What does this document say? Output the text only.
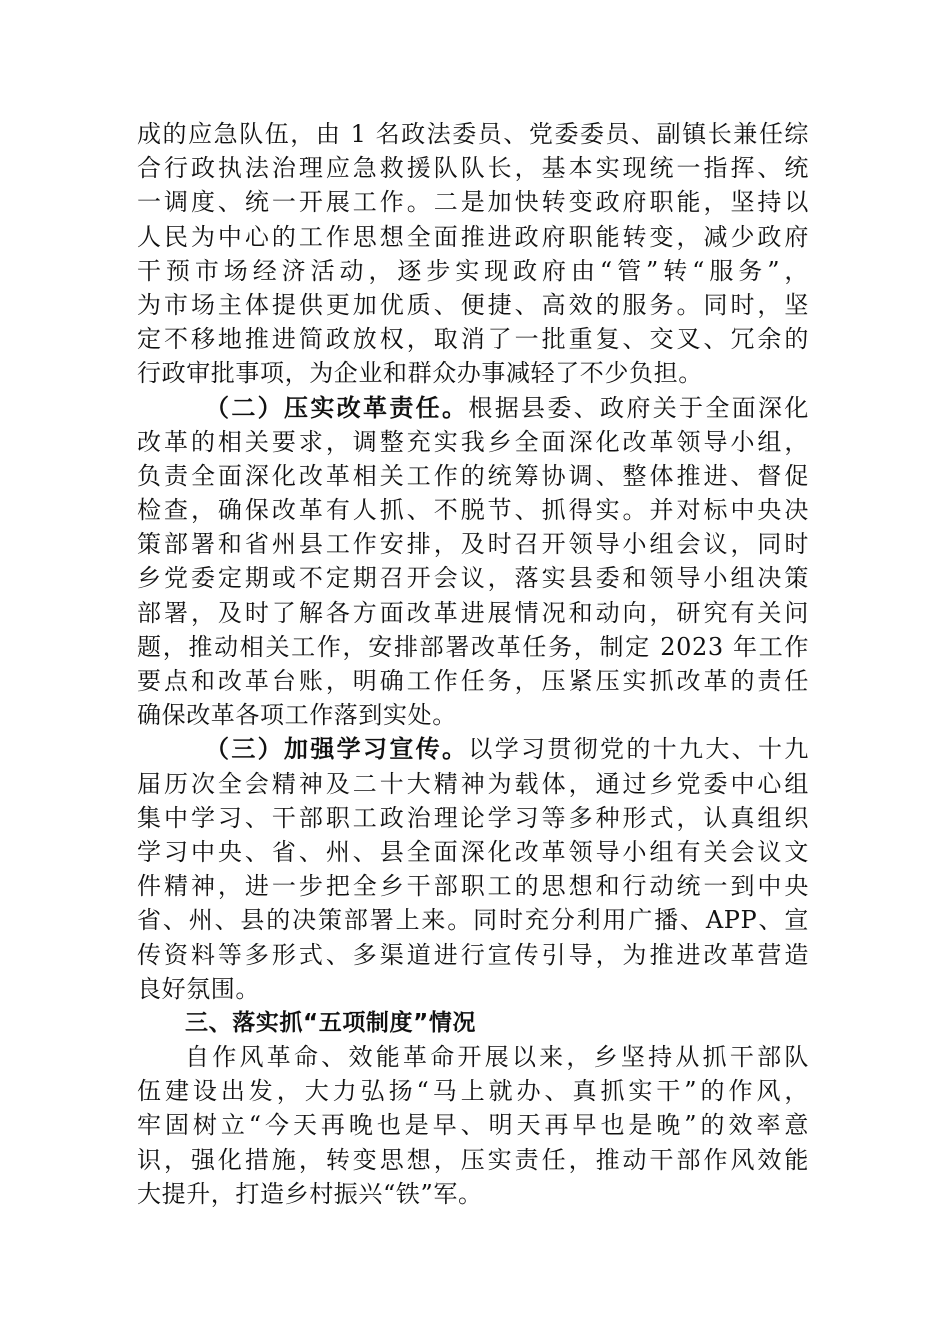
成的应急队伍，由 1 名政法委员、党委委员、副镇长兼任综
合行政执法治理应急救援队队长，基本实现统一指挥、统
一调度、统一开展工作。二是加快转变政府职能，坚持以
人民为中心的工作思想全面推进政府职能转变，减少政府
干预市场经济活动，逐步实现政府由“管”转“服务”，
为市场主体提供更加优质、便捷、高效的服务。同时，坚
定不移地推进简政放权，取消了一批重复、交叉、冗余的
行政审批事项，为企业和群众办事减轻了不少负担。
（二）压实改革责任。根据县委、政府关于全面深化
改革的相关要求，调整充实我乡全面深化改革领导小组，
负责全面深化改革相关工作的统筹协调、整体推进、督促
检查，确保改革有人抓、不脱节、抓得实。并对标中央决
策部署和省州县工作安排，及时召开领导小组会议，同时
乡党委定期或不定期召开会议，落实县委和领导小组决策
部署，及时了解各方面改革进展情况和动向，研究有关问
题，推动相关工作，安排部署改革任务，制定 2023 年工作
要点和改革台账，明确工作任务，压紧压实抓改革的责任
确保改革各项工作落到实处。
（三）加强学习宣传。以学习贯彻党的十九大、十九
届历次全会精神及二十大精神为载体，通过乡党委中心组
集中学习、干部职工政治理论学习等多种形式，认真组织
学习中央、省、州、县全面深化改革领导小组有关会议文
件精神，进一步把全乡干部职工的思想和行动统一到中央
省、州、县的决策部署上来。同时充分利用广播、APP、宣
传资料等多形式、多渠道进行宣传引导，为推进改革营造
良好氛围。
三、落实抓“五项制度”情况
自作风革命、效能革命开展以来，乡坚持从抓干部队
伍建设出发，大力弘扬“马上就办、真抓实干”的作风，
牢固树立“今天再晚也是早、明天再早也是晚”的效率意
识，强化措施，转变思想，压实责任，推动干部作风效能
大提升，打造乡村振兴“铁”军。
